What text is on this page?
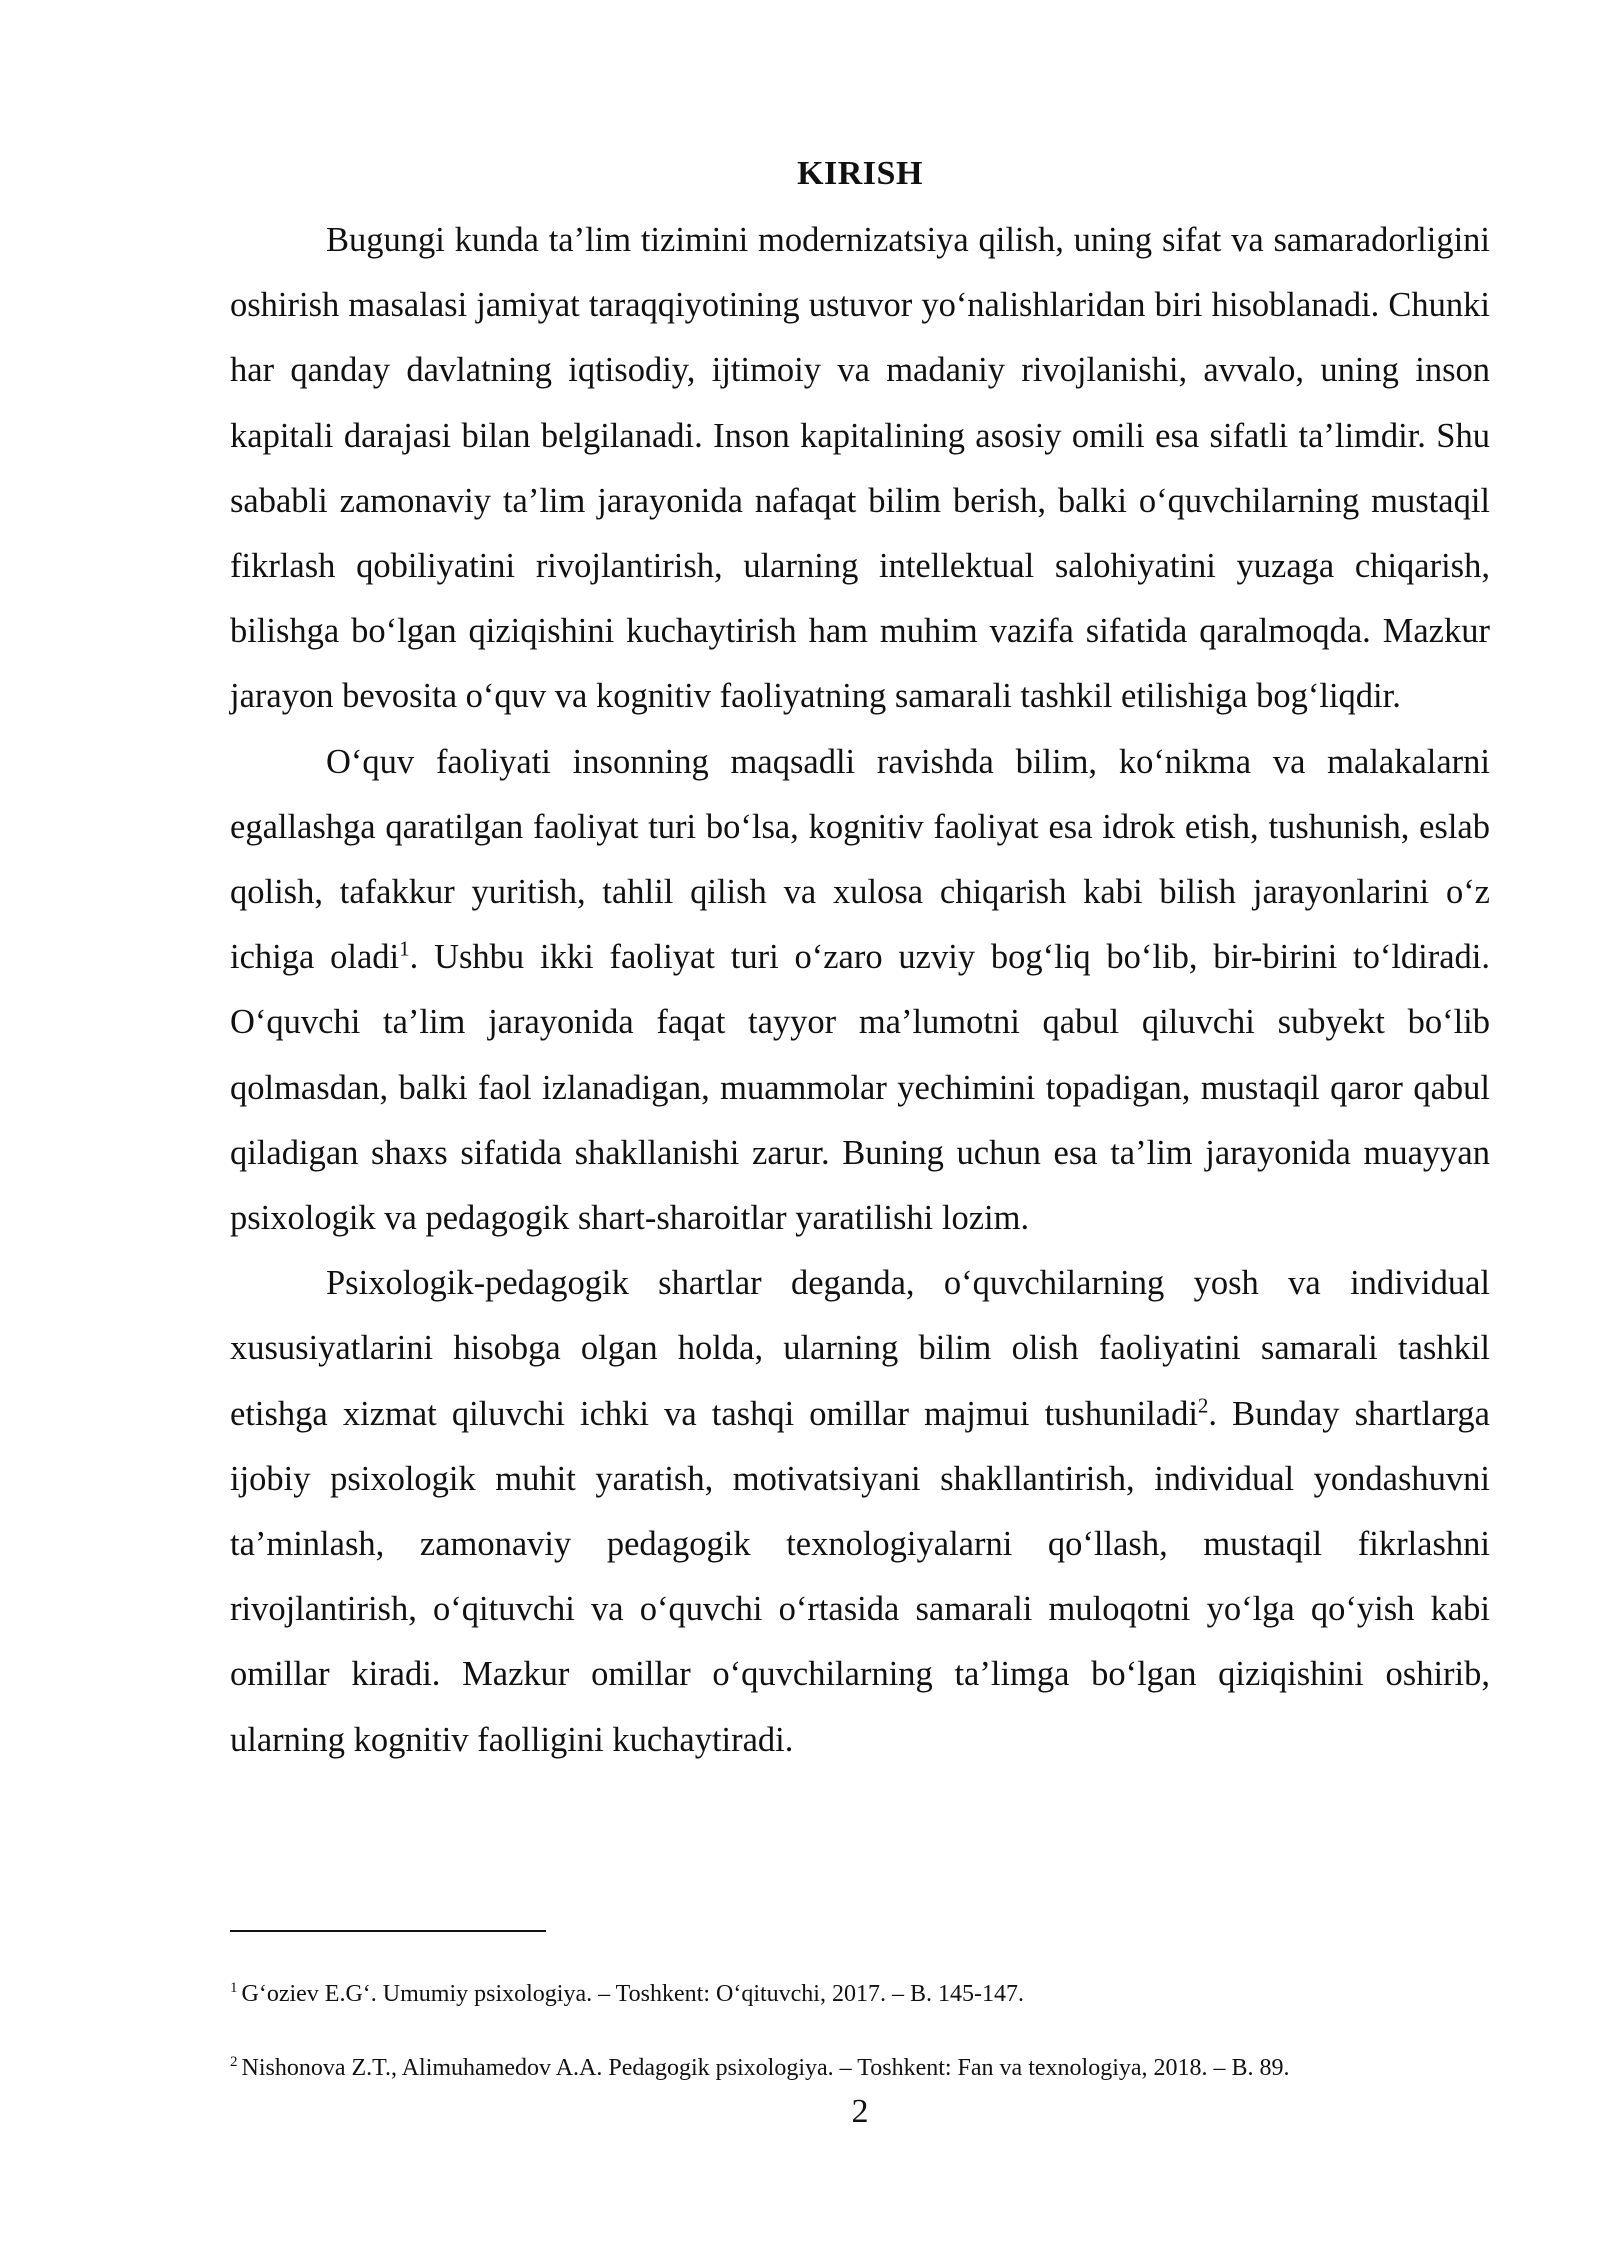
KIRISH

Bugungi kunda ta’lim tizimini modernizatsiya qilish, uning sifat va samaradorligini oshirish masalasi jamiyat taraqqiyotining ustuvor yo‘nalishlaridan biri hisoblanadi. Chunki har qanday davlatning iqtisodiy, ijtimoiy va madaniy rivojlanishi, avvalo, uning inson kapitali darajasi bilan belgilanadi. Inson kapitalining asosiy omili esa sifatli ta’limdir. Shu sababli zamonaviy ta’lim jarayonida nafaqat bilim berish, balki o‘quvchilarning mustaqil fikrlash qobiliyatini rivojlantirish, ularning intellektual salohiyatini yuzaga chiqarish, bilishga bo‘lgan qiziqishini kuchaytirish ham muhim vazifa sifatida qaralmoqda. Mazkur jarayon bevosita o‘quv va kognitiv faoliyatning samarali tashkil etilishiga bog‘liqdir.

O‘quv faoliyati insonning maqsadli ravishda bilim, ko‘nikma va malakalarni egallashga qaratilgan faoliyat turi bo‘lsa, kognitiv faoliyat esa idrok etish, tushunish, eslab qolish, tafakkur yuritish, tahlil qilish va xulosa chiqarish kabi bilish jarayonlarini o‘z ichiga oladi$^1$. Ushbu ikki faoliyat turi o‘zaro uzviy bog‘liq bo‘lib, bir-birini to‘ldiradi. O‘quvchi ta’lim jarayonida faqat tayyor ma’lumotni qabul qiluvchi subyekt bo‘lib qolmasdan, balki faol izlanadigan, muammolar yechimini topadigan, mustaqil qaror qabul qiladigan shaxs sifatida shakllanishi zarur. Buning uchun esa ta’lim jarayonida muayyan psixologik va pedagogik shart-sharoitlar yaratilishi lozim.

Psixologik-pedagogik shartlar deganda, o‘quvchilarning yosh va individual xususiyatlarini hisobga olgan holda, ularning bilim olish faoliyatini samarali tashkil etishga xizmat qiluvchi ichki va tashqi omillar majmui tushuniladi$^2$. Bunday shartlarga ijobiy psixologik muhit yaratish, motivatsiyani shakllantirish, individual yondashuvni ta’minlash, zamonaviy pedagogik texnologiyalarni qo‘llash, mustaqil fikrlashni rivojlantirish, o‘qituvchi va o‘quvchi o‘rtasida samarali muloqotni yo‘lga qo‘yish kabi omillar kiradi. Mazkur omillar o‘quvchilarning ta’limga bo‘lgan qiziqishini oshirib, ularning kognitiv faolligini kuchaytiradi.

$^1$ G‘oziev E.G‘. Umumiy psixologiya. – Toshkent: O‘qituvchi, 2017. – B. 145-147.

$^2$ Nishonova Z.T., Alimuhamedov A.A. Pedagogik psixologiya. – Toshkent: Fan va texnologiya, 2018. – B. 89.

2
